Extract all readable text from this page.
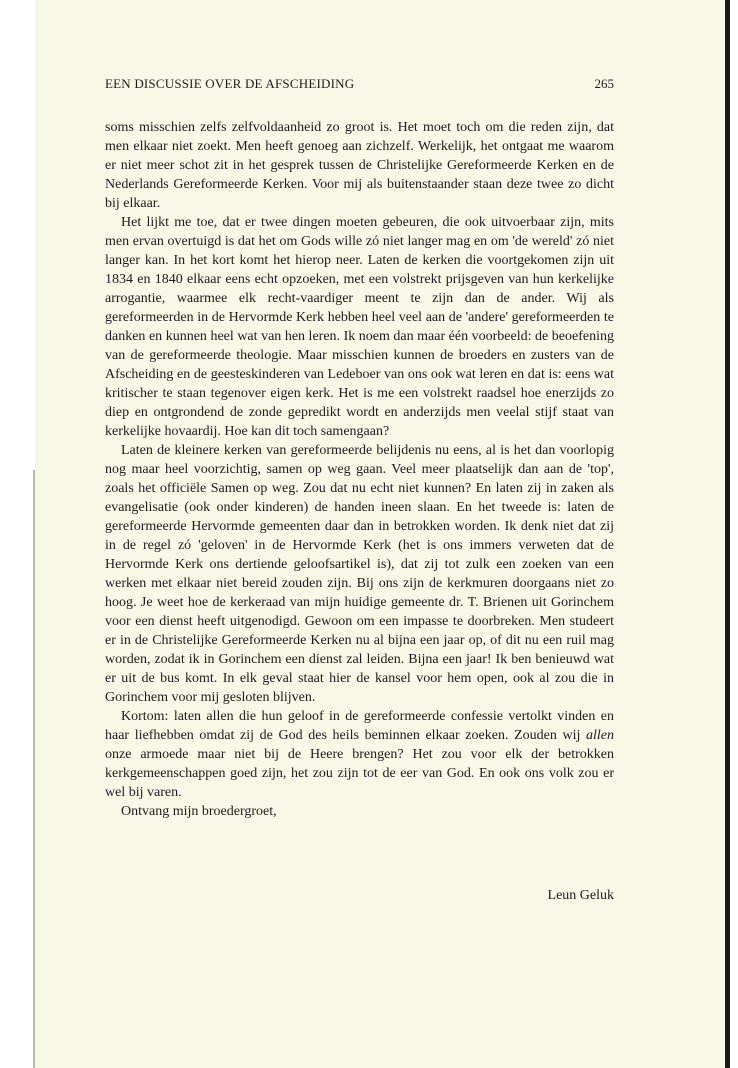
EEN DISCUSSIE OVER DE AFSCHEIDING	265

soms misschien zelfs zelfvoldaanheid zo groot is. Het moet toch om die reden zijn, dat men elkaar niet zoekt. Men heeft genoeg aan zichzelf. Werkelijk, het ontgaat me waarom er niet meer schot zit in het gesprek tussen de Christelijke Gereformeerde Kerken en de Nederlands Gereformeerde Kerken. Voor mij als buitenstaander staan deze twee zo dicht bij elkaar.

Het lijkt me toe, dat er twee dingen moeten gebeuren, die ook uitvoerbaar zijn, mits men ervan overtuigd is dat het om Gods wille zó niet langer mag en om 'de wereld' zó niet langer kan. In het kort komt het hierop neer. Laten de kerken die voortgekomen zijn uit 1834 en 1840 elkaar eens echt opzoeken, met een volstrekt prijsgeven van hun kerkelijke arrogantie, waarmee elk recht-vaardiger meent te zijn dan de ander. Wij als gereformeerden in de Hervormde Kerk hebben heel veel aan de 'andere' gereformeerden te danken en kunnen heel wat van hen leren. Ik noem dan maar één voorbeeld: de beoefening van de gereformeerde theologie. Maar misschien kunnen de broeders en zusters van de Afscheiding en de geesteskinderen van Ledeboer van ons ook wat leren en dat is: eens wat kritischer te staan tegenover eigen kerk. Het is me een volstrekt raadsel hoe enerzijds zo diep en ontgrondend de zonde gepredikt wordt en anderzijds men veelal stijf staat van kerkelijke hovaardij. Hoe kan dit toch samengaan?

Laten de kleinere kerken van gereformeerde belijdenis nu eens, al is het dan voorlopig nog maar heel voorzichtig, samen op weg gaan. Veel meer plaatselijk dan aan de 'top', zoals het officiële Samen op weg. Zou dat nu echt niet kunnen? En laten zij in zaken als evangelisatie (ook onder kinderen) de handen ineen slaan. En het tweede is: laten de gereformeerde Hervormde gemeenten daar dan in betrokken worden. Ik denk niet dat zij in de regel zó 'geloven' in de Hervormde Kerk (het is ons immers verweten dat de Hervormde Kerk ons dertiende geloofsartikel is), dat zij tot zulk een zoeken van een werken met elkaar niet bereid zouden zijn. Bij ons zijn de kerkmuren doorgaans niet zo hoog. Je weet hoe de kerkeraad van mijn huidige gemeente dr. T. Brienen uit Gorinchem voor een dienst heeft uitgenodigd. Gewoon om een impasse te doorbreken. Men studeert er in de Christelijke Gereformeerde Kerken nu al bijna een jaar op, of dit nu een ruil mag worden, zodat ik in Gorinchem een dienst zal leiden. Bijna een jaar! Ik ben benieuwd wat er uit de bus komt. In elk geval staat hier de kansel voor hem open, ook al zou die in Gorinchem voor mij gesloten blijven.

Kortom: laten allen die hun geloof in de gereformeerde confessie vertolkt vinden en haar liefhebben omdat zij de God des heils beminnen elkaar zoeken. Zouden wij allen onze armoede maar niet bij de Heere brengen? Het zou voor elk der betrokken kerkgemeenschappen goed zijn, het zou zijn tot de eer van God. En ook ons volk zou er wel bij varen.

Ontvang mijn broedergroet,

Leun Geluk
